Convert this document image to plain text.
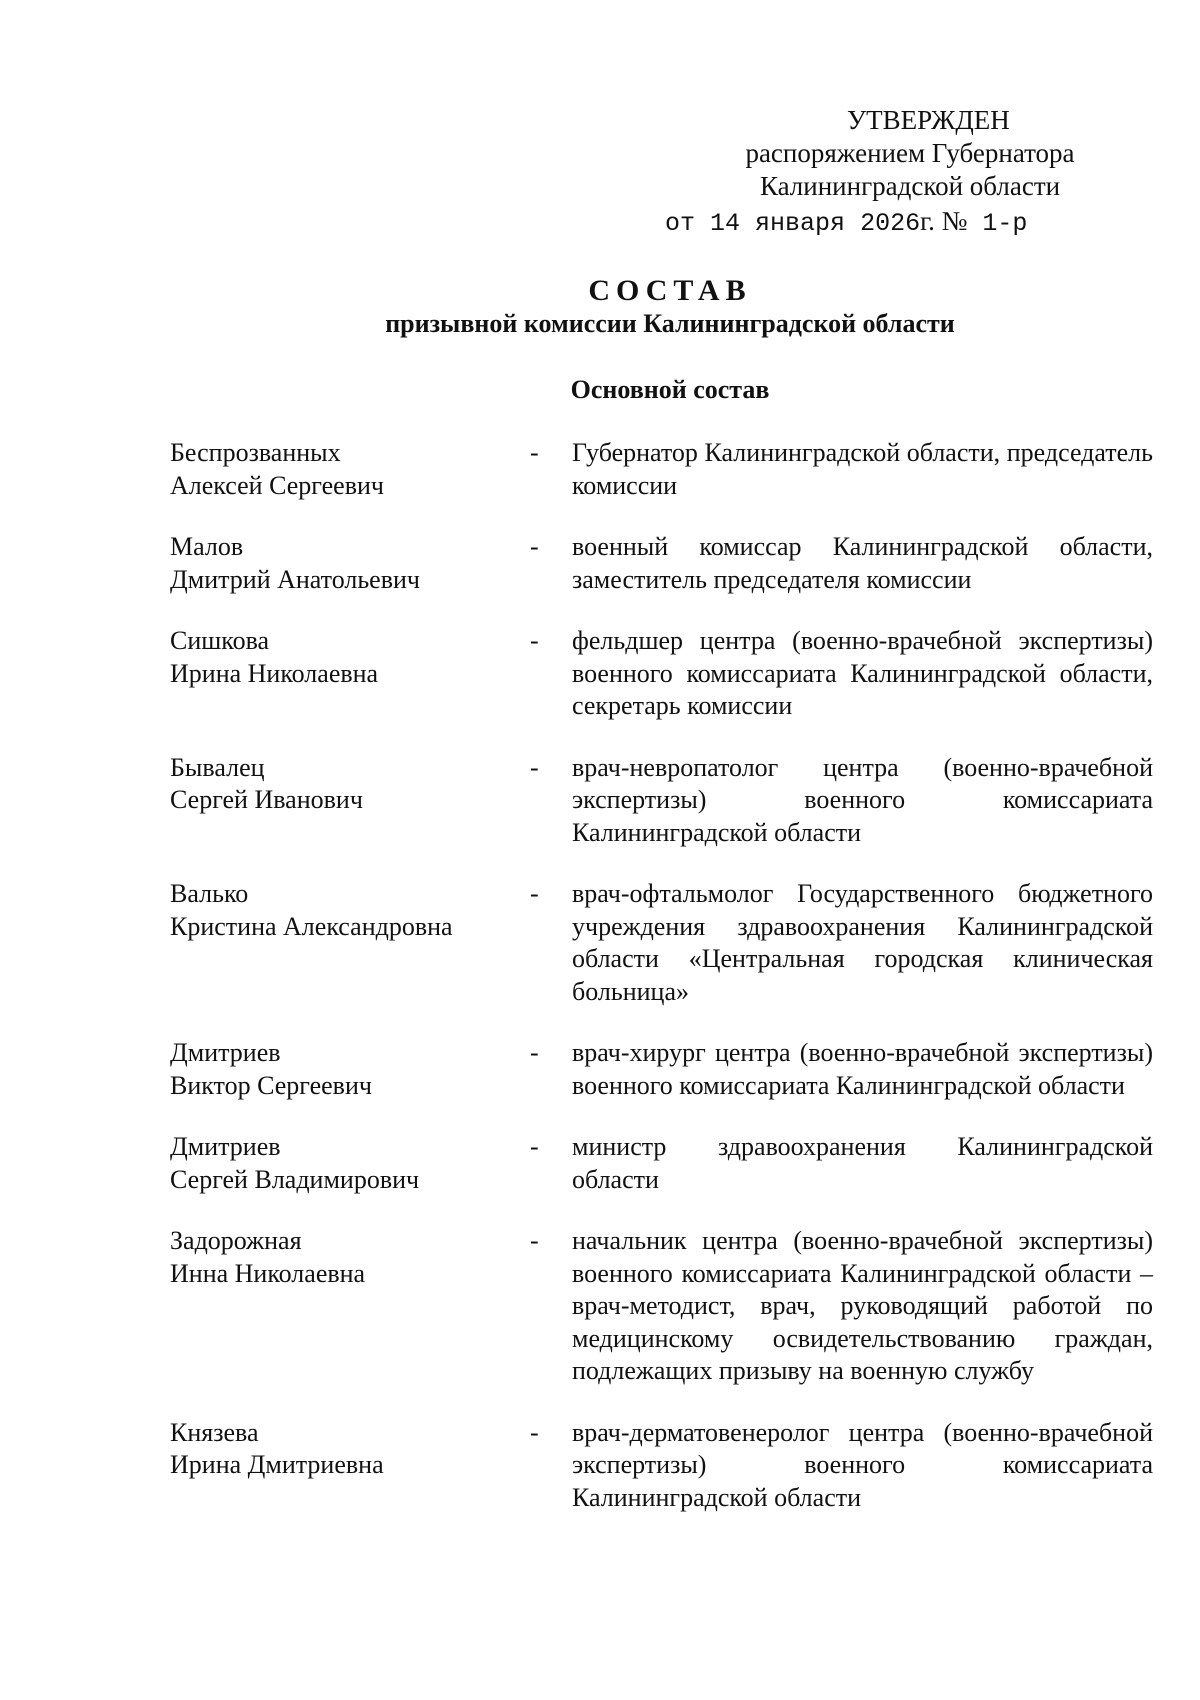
УТВЕРЖДЕН
распоряжением Губернатора
Калининградской области
от 14 января 2026г. № 1-р
СОСТАВ
призывной комиссии Калининградской области
Основной состав
Беспрозванных
Алексей Сергеевич
-	Губернатор Калининградской области, председатель комиссии
Малов
Дмитрий Анатольевич
-	военный комиссар Калининградской области, заместитель председателя комиссии
Сишкова
Ирина Николаевна
-	фельдшер центра (военно-врачебной экспертизы) военного комиссариата Калининградской области, секретарь комиссии
Бывалец
Сергей Иванович
-	врач-невропатолог центра (военно-врачебной экспертизы) военного комиссариата Калининградской области
Валько
Кристина Александровна
-	врач-офтальмолог Государственного бюджетного учреждения здравоохранения Калининградской области «Центральная городская клиническая больница»
Дмитриев
Виктор Сергеевич
-	врач-хирург центра (военно-врачебной экспертизы) военного комиссариата Калининградской области
Дмитриев
Сергей Владимирович
-	министр здравоохранения Калининградской области
Задорожная
Инна Николаевна
-	начальник центра (военно-врачебной экспертизы) военного комиссариата Калининградской области – врач-методист, врач, руководящий работой по медицинскому освидетельствованию граждан, подлежащих призыву на военную службу
Князева
Ирина Дмитриевна
-	врач-дерматовенеролог центра (военно-врачебной экспертизы) военного комиссариата Калининградской области
